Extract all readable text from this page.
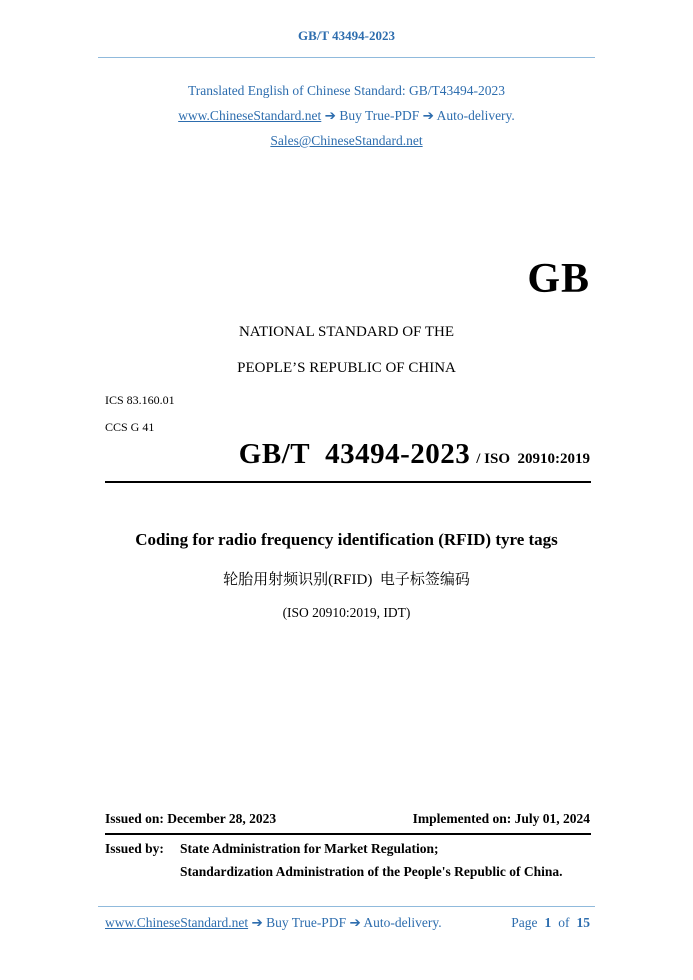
GB/T 43494-2023
Translated English of Chinese Standard: GB/T43494-2023
www.ChineseStandard.net ➔ Buy True-PDF ➔ Auto-delivery.
Sales@ChineseStandard.net
GB
NATIONAL STANDARD OF THE
PEOPLE’S REPUBLIC OF CHINA
ICS 83.160.01
CCS G 41
GB/T  43494-2023 / ISO  20910:2019
Coding for radio frequency identification (RFID) tyre tags
轮胎用射频识别(RFID)  电子标签编码
(ISO 20910:2019, IDT)
Issued on: December 28, 2023	Implemented on: July 01, 2024
Issued by: State Administration for Market Regulation;
Standardization Administration of the People's Republic of China.
www.ChineseStandard.net ➔ Buy True-PDF ➔ Auto-delivery.	Page 1 of 15
